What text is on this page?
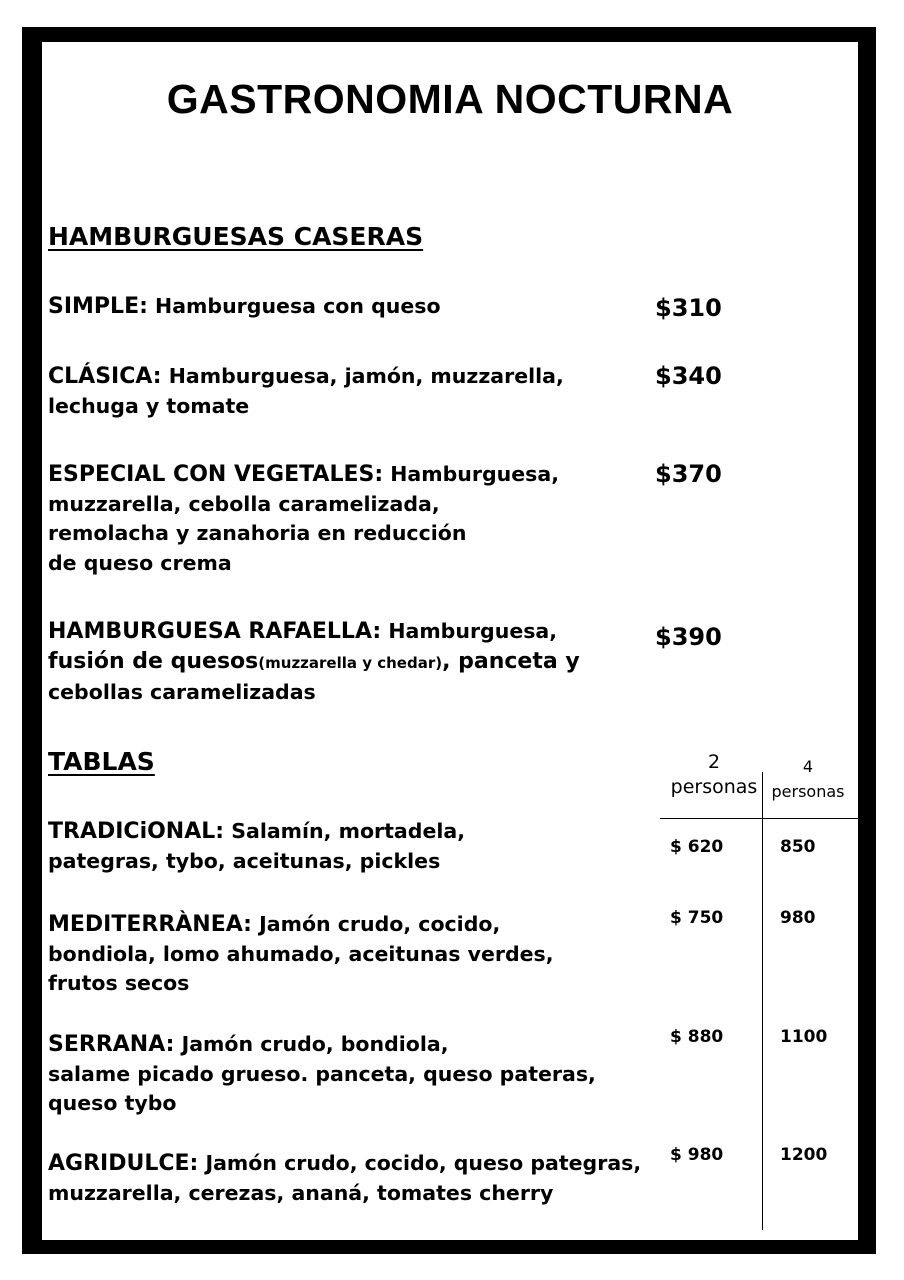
GASTRONOMIA NOCTURNA
HAMBURGUESAS CASERAS
SIMPLE: Hamburguesa con queso	$310
CLÁSICA: Hamburguesa, jamón, muzzarella,
lechuga y tomate
$340
ESPECIAL CON VEGETALES: Hamburguesa,
muzzarella, cebolla caramelizada,
remolacha y zanahoria en reducción
de queso crema
$370
HAMBURGUESA RAFAELLA: Hamburguesa,
fusión de quesos(muzzarella y chedar), panceta y
cebollas caramelizadas
$390
TABLAS	2
personas
4
personas
TRADICiONAL: Salamín, mortadela,
pategras, tybo, aceitunas, pickles
$ 620	850
MEDITERRÀNEA: Jamón crudo, cocido,
bondiola, lomo ahumado, aceitunas verdes,
frutos secos
$ 750	980
SERRANA: Jamón crudo, bondiola,
salame picado grueso. panceta, queso pateras,
queso tybo
$ 880	1100
AGRIDULCE: Jamón crudo, cocido, queso pategras,
muzzarella, cerezas, ananá, tomates cherry
$ 980	1200
